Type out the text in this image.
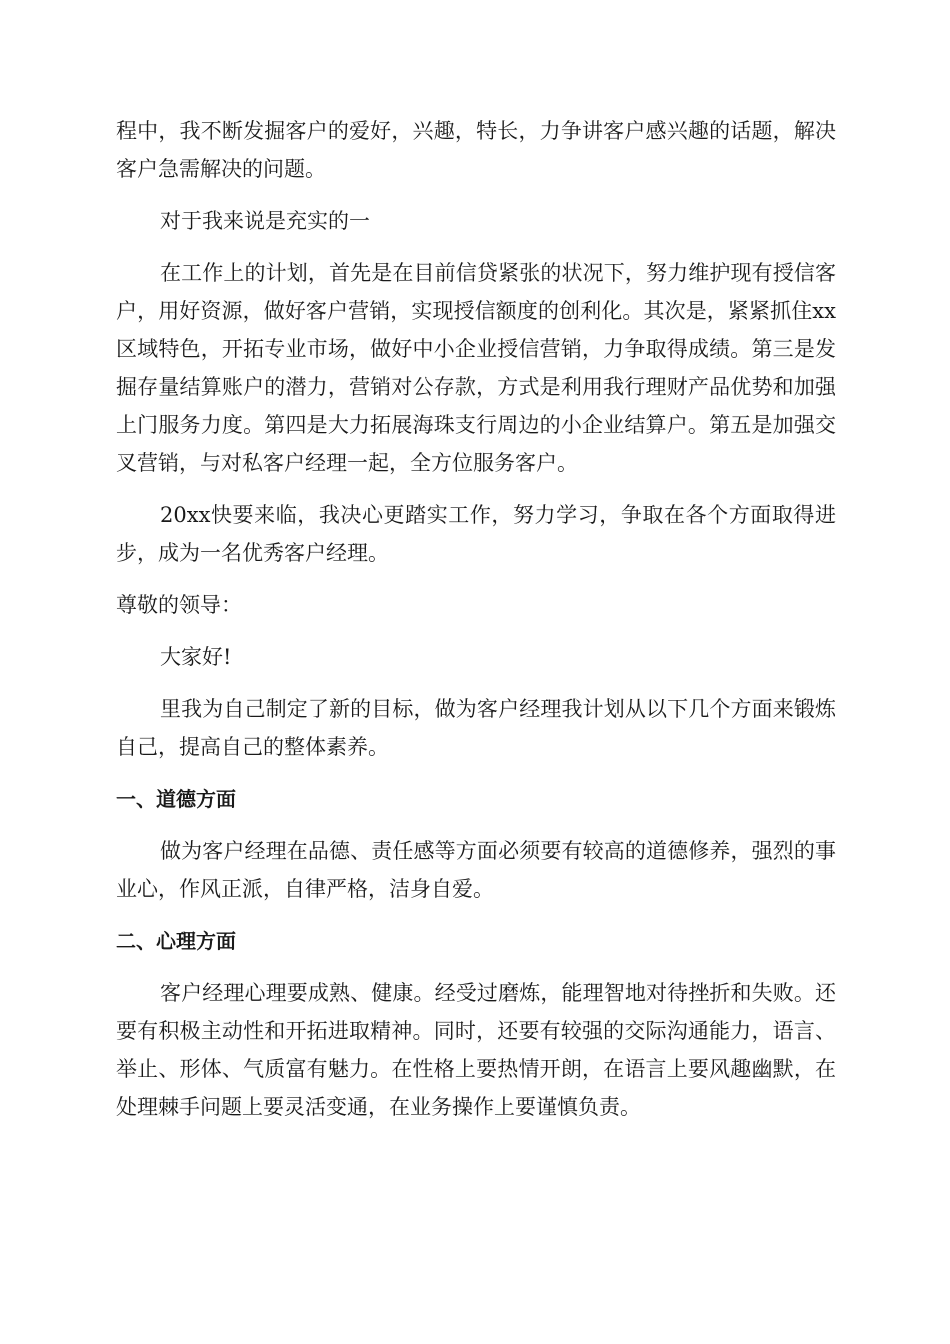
程中，我不断发掘客户的爱好，兴趣，特长，力争讲客户感兴趣的话题，解决客户急需解决的问题。

对于我来说是充实的一

在工作上的计划，首先是在目前信贷紧张的状况下，努力维护现有授信客户，用好资源，做好客户营销，实现授信额度的创利化。其次是，紧紧抓住xx区域特色，开拓专业市场，做好中小企业授信营销，力争取得成绩。第三是发掘存量结算账户的潜力，营销对公存款，方式是利用我行理财产品优势和加强上门服务力度。第四是大力拓展海珠支行周边的小企业结算户。第五是加强交叉营销，与对私客户经理一起，全方位服务客户。

20xx快要来临，我决心更踏实工作，努力学习，争取在各个方面取得进步，成为一名优秀客户经理。

尊敬的领导：

大家好!

里我为自己制定了新的目标，做为客户经理我计划从以下几个方面来锻炼自己，提高自己的整体素养。

一、道德方面

做为客户经理在品德、责任感等方面必须要有较高的道德修养，强烈的事业心，作风正派，自律严格，洁身自爱。

二、心理方面

客户经理心理要成熟、健康。经受过磨炼，能理智地对待挫折和失败。还要有积极主动性和开拓进取精神。同时，还要有较强的交际沟通能力，语言、举止、形体、气质富有魅力。在性格上要热情开朗，在语言上要风趣幽默，在处理棘手问题上要灵活变通，在业务操作上要谨慎负责。
